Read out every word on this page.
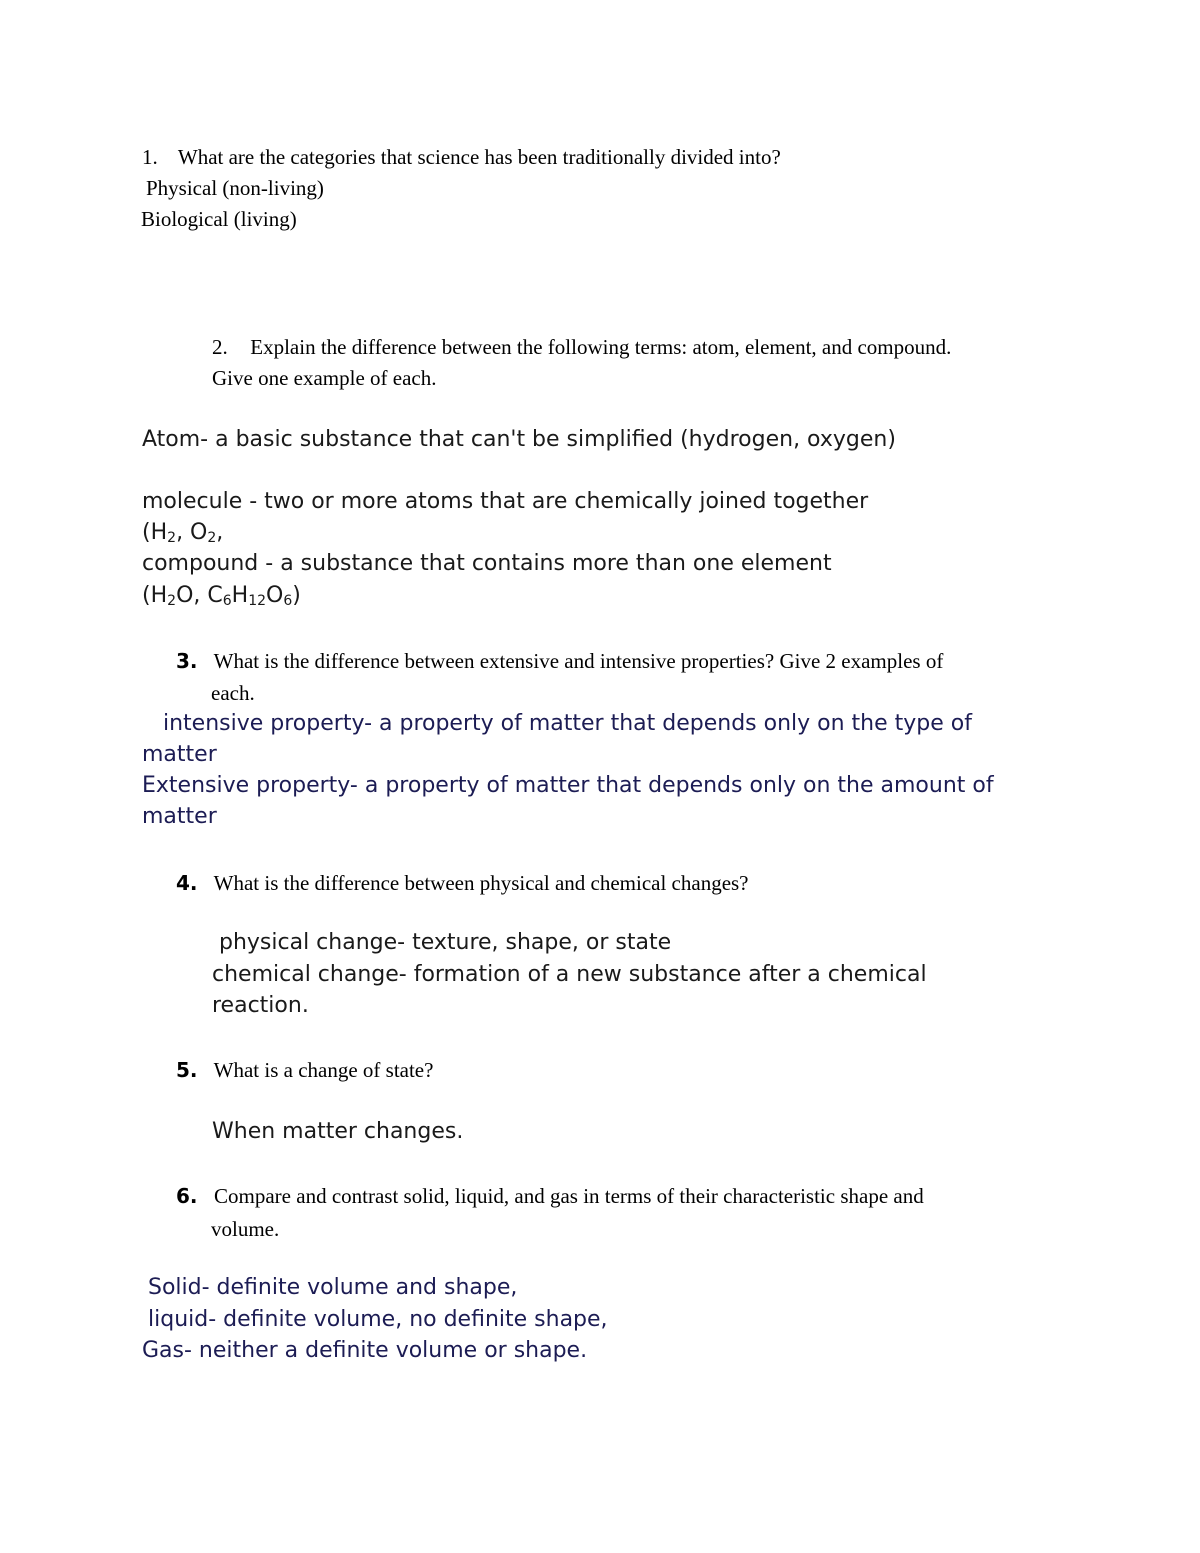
1. What are the categories that science has been traditionally divided into?
Physical (non-living)
Biological (living)
2. Explain the difference between the following terms: atom, element, and compound.
Give one example of each.
Atom- a basic substance that can't be simplified (hydrogen, oxygen)
molecule - two or more atoms that are chemically joined together
($H_2$, $O_2$,
compound - a substance that contains more than one element
($H_2O$, $C_6H_{12}O_6$)
3. What is the difference between extensive and intensive properties? Give 2 examples of
each.
intensive property- a property of matter that depends only on the type of
matter
Extensive property- a property of matter that depends only on the amount of
matter
4. What is the difference between physical and chemical changes?
physical change- texture, shape, or state
chemical change- formation of a new substance after a chemical
reaction.
5. What is a change of state?
When matter changes.
6. Compare and contrast solid, liquid, and gas in terms of their characteristic shape and
volume.
Solid- definite volume and shape,
liquid- definite volume, no definite shape,
Gas- neither a definite volume or shape.
